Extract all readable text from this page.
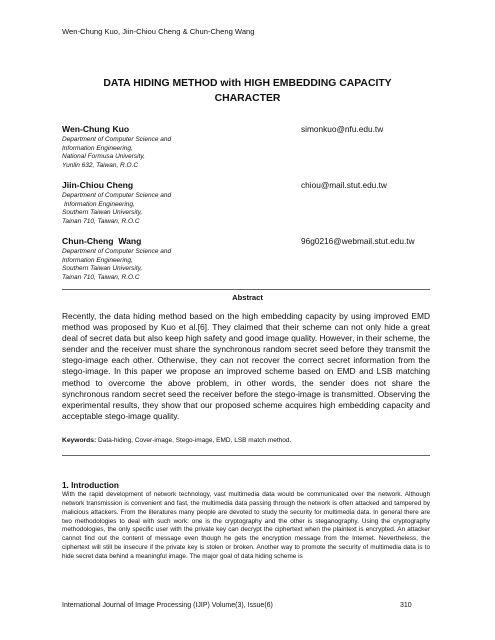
Wen-Chung Kuo, Jiin-Chiou Cheng & Chun-Cheng Wang
DATA HIDING METHOD with HIGH EMBEDDING CAPACITY
CHARACTER
Wen-Chung Kuo
Department of Computer Science and
Information Engineering,
National Formusa University,
Yunlin 632, Taiwan, R.O.C
simonkuo@nfu.edu.tw
Jiin-Chiou Cheng
Department of Computer Science and
Information Engineering,
Southern Taiwan University,
Tainan 710, Taiwan, R.O.C
chiou@mail.stut.edu.tw
Chun-Cheng  Wang
Department of Computer Science and
Information Engineering,
Southern Taiwan University,
Tainan 710, Taiwan, R.O.C
96g0216@webmail.stut.edu.tw
Abstract
Recently, the data hiding method based on the high embedding capacity by using improved EMD method was proposed by Kuo et al.[6]. They claimed that their scheme can not only hide a great deal of secret data but also keep high safety and good image quality. However, in their scheme, the sender and the receiver must share the synchronous random secret seed before they transmit the stego-image each other. Otherwise, they can not recover the correct secret information from the stego-image. In this paper we propose an improved scheme based on EMD and LSB matching method to overcome the above problem, in other words, the sender does not share the synchronous random secret seed the receiver before the stego-image is transmitted. Observing the experimental results, they show that our proposed scheme acquires high embedding capacity and acceptable stego-image quality.
Keywords: Data-hiding, Cover-image, Stego-image, EMD, LSB match method.
1. Introduction
With the rapid development of network technology, vast multimedia data would be communicated over the network. Although network transmission is convenient and fast, the multimedia data passing through the network is often attacked and tampered by malicious attackers. From the literatures many people are devoted to study the security for multimedia data. In general there are two methodologies to deal with such work: one is the cryptography and the other is steganography. Using the cryptography methodologies, the only specific user with the private key can decrypt the ciphertext when the plaintext is encrypted. An attacker cannot find out the content of message even though he gets the encryption message from the Internet. Nevertheless, the ciphertext will still be insecure if the private key is stolen or broken. Another way to promote the security of multimedia data is to hide secret data behind a meaningful image. The major goal of data hiding scheme is
International Journal of Image Processing (IJIP) Volume(3), Issue(6)	310
